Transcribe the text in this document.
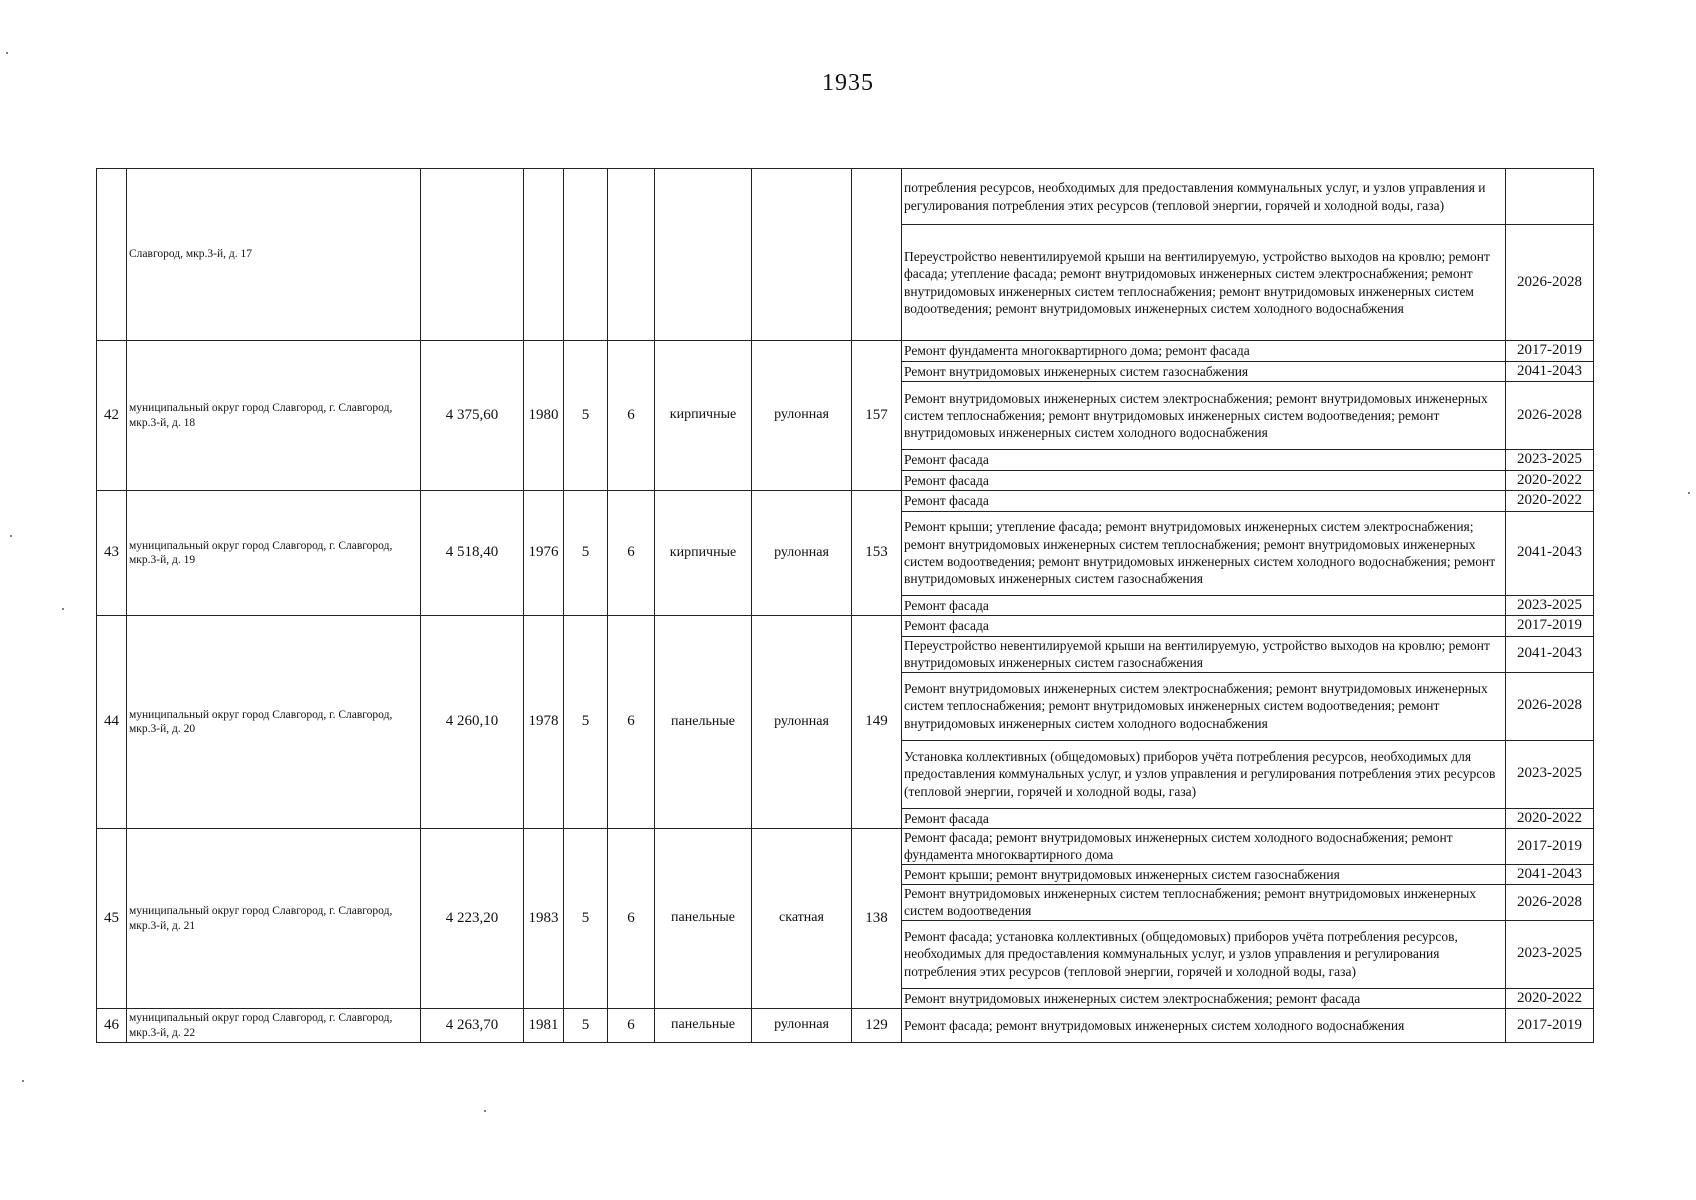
1935
	Славгород, мкр.3-й, д. 17								потребления ресурсов, необходимых для предоставления коммунальных услуг, и узлов управления и регулирования потребления этих ресурсов (тепловой энергии, горячей и холодной воды, газа)	
									Переустройство невентилируемой крыши на вентилируемую, устройство выходов на кровлю; ремонт фасада; утепление фасада; ремонт внутридомовых инженерных систем электроснабжения; ремонт внутридомовых инженерных систем теплоснабжения; ремонт внутридомовых инженерных систем водоотведения; ремонт внутридомовых инженерных систем холодного водоснабжения	2026-2028
42	муниципальный округ город Славгород, г. Славгород, мкр.3-й, д. 18	4 375,60	1980	5	6	кирпичные	рулонная	157	Ремонт фундамента многоквартирного дома; ремонт фасада	2017-2019
									Ремонт внутридомовых инженерных систем газоснабжения	2041-2043
									Ремонт внутридомовых инженерных систем электроснабжения; ремонт внутридомовых инженерных систем теплоснабжения; ремонт внутридомовых инженерных систем водоотведения; ремонт внутридомовых инженерных систем холодного водоснабжения	2026-2028
									Ремонт фасада	2023-2025
									Ремонт фасада	2020-2022
43	муниципальный округ город Славгород, г. Славгород, мкр.3-й, д. 19	4 518,40	1976	5	6	кирпичные	рулонная	153	Ремонт фасада	2020-2022
									Ремонт крыши; утепление фасада; ремонт внутридомовых инженерных систем электроснабжения; ремонт внутридомовых инженерных систем теплоснабжения; ремонт внутридомовых инженерных систем водоотведения; ремонт внутридомовых инженерных систем холодного водоснабжения; ремонт внутридомовых инженерных систем газоснабжения	2041-2043
									Ремонт фасада	2023-2025
44	муниципальный округ город Славгород, г. Славгород, мкр.3-й, д. 20	4 260,10	1978	5	6	панельные	рулонная	149	Ремонт фасада	2017-2019
									Переустройство невентилируемой крыши на вентилируемую, устройство выходов на кровлю; ремонт внутридомовых инженерных систем газоснабжения	2041-2043
									Ремонт внутридомовых инженерных систем электроснабжения; ремонт внутридомовых инженерных систем теплоснабжения; ремонт внутридомовых инженерных систем водоотведения; ремонт внутридомовых инженерных систем холодного водоснабжения	2026-2028
									Установка коллективных (общедомовых) приборов учёта потребления ресурсов, необходимых для предоставления коммунальных услуг, и узлов управления и регулирования потребления этих ресурсов (тепловой энергии, горячей и холодной воды, газа)	2023-2025
									Ремонт фасада	2020-2022
45	муниципальный округ город Славгород, г. Славгород, мкр.3-й, д. 21	4 223,20	1983	5	6	панельные	скатная	138	Ремонт фасада; ремонт внутридомовых инженерных систем холодного водоснабжения; ремонт фундамента многоквартирного дома	2017-2019
									Ремонт крыши; ремонт внутридомовых инженерных систем газоснабжения	2041-2043
									Ремонт внутридомовых инженерных систем теплоснабжения; ремонт внутридомовых инженерных систем водоотведения	2026-2028
									Ремонт фасада; установка коллективных (общедомовых) приборов учёта потребления ресурсов, необходимых для предоставления коммунальных услуг, и узлов управления и регулирования потребления этих ресурсов (тепловой энергии, горячей и холодной воды, газа)	2023-2025
									Ремонт внутридомовых инженерных систем электроснабжения; ремонт фасада	2020-2022
46	муниципальный округ город Славгород, г. Славгород, мкр.3-й, д. 22	4 263,70	1981	5	6	панельные	рулонная	129	Ремонт фасада; ремонт внутридомовых инженерных систем холодного водоснабжения	2017-2019
